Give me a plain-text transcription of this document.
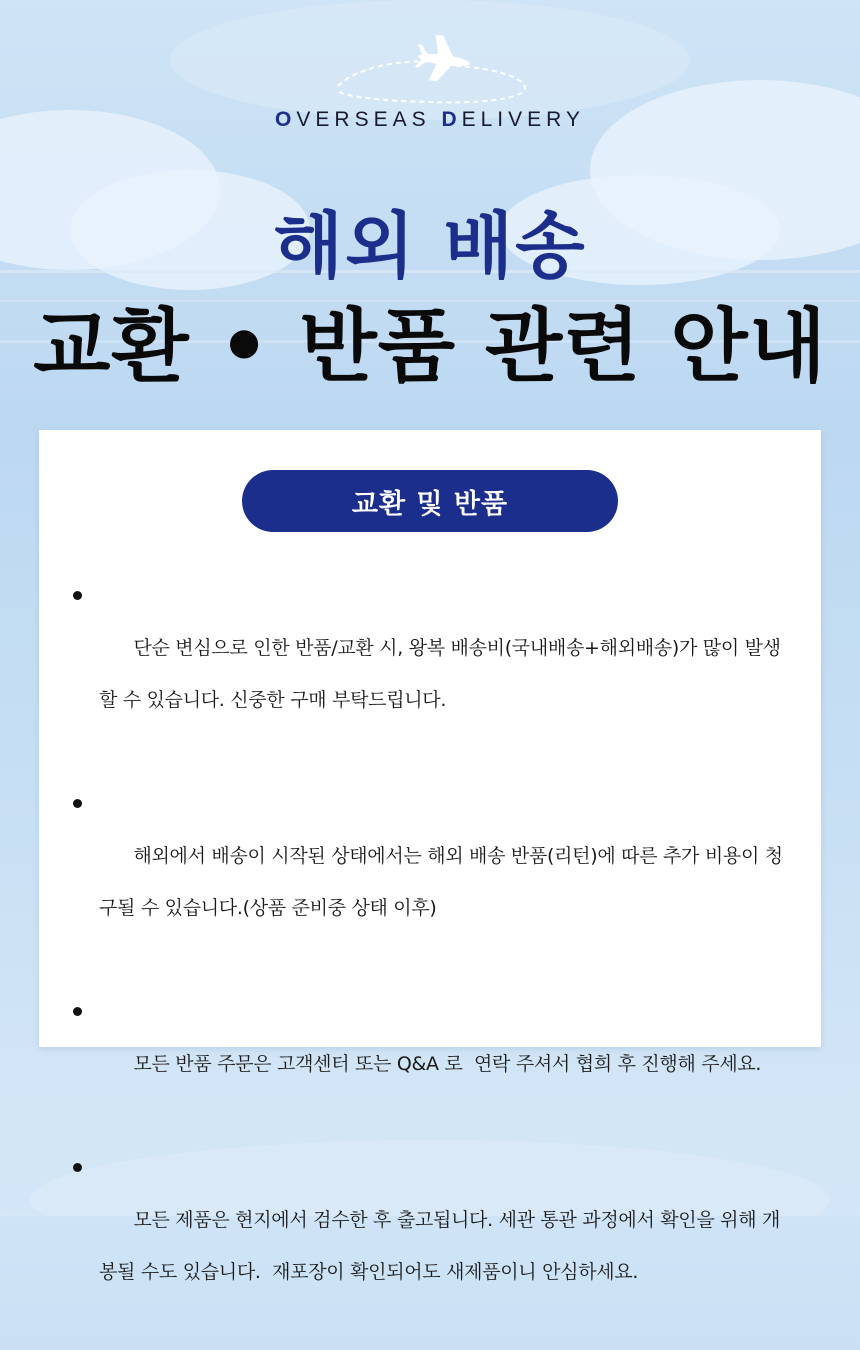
OVERSEAS DELIVERY
해외 배송
교환 • 반품 관련 안내
교환 및 반품

단순 변심으로 인한 반품/교환 시, 왕복 배송비(국내배송+해외배송)가 많이 발생할 수 있습니다. 신중한 구매 부탁드립니다.

해외에서 배송이 시작된 상태에서는 해외 배송 반품(리턴)에 따른 추가 비용이 청구될 수 있습니다.(상품 준비중 상태 이후)

모든 반품 주문은 고객센터 또는 Q&A 로  연락 주셔서 협희 후 진행해 주세요.

모든 제품은 현지에서 검수한 후 출고됩니다. 세관 통관 과정에서 확인을 위해 개봉될 수도 있습니다.  재포장이 확인되어도 새제품이니 안심하세요.
